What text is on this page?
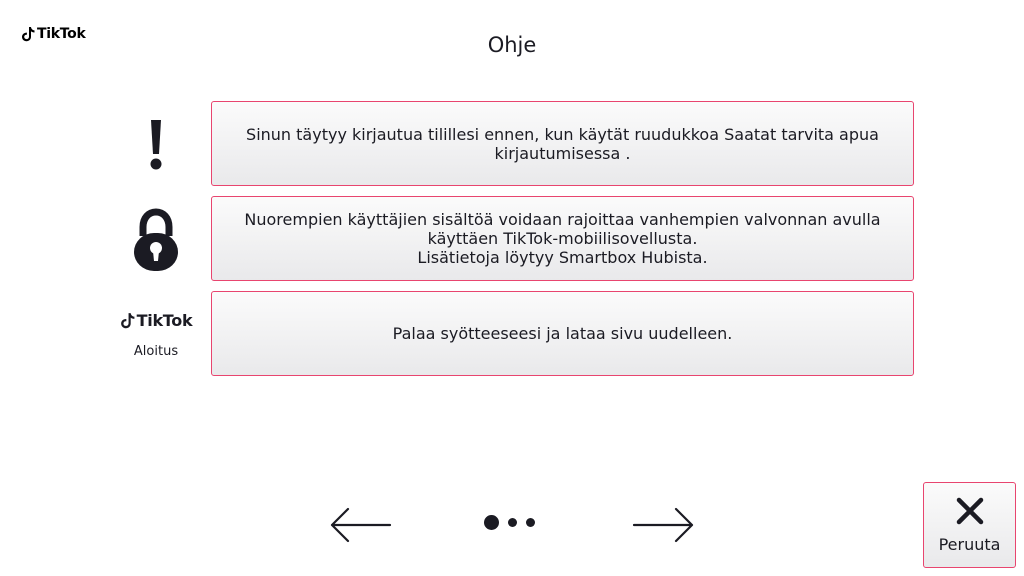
TikTok	Ohje
Sinun täytyy kirjautua tilillesi ennen, kun käytät ruudukkoa Saatat tarvita apua
kirjautumisessa .
Nuorempien käyttäjien sisältöä voidaan rajoittaa vanhempien valvonnan avulla
käyttäen TikTok-mobiilisovellusta.
Lisätietoja löytyy Smartbox Hubista.
TikTok
Aloitus
Palaa syötteeseesi ja lataa sivu uudelleen.
Peruuta
